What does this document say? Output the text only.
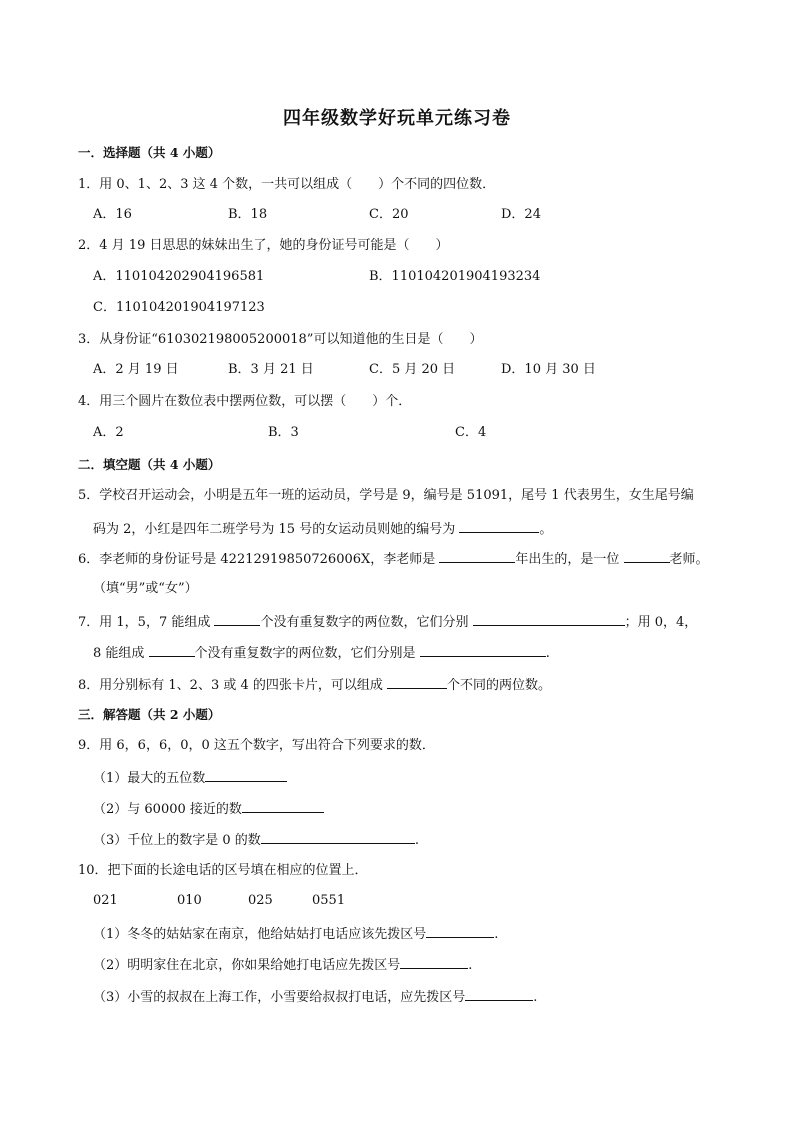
四年级数学好玩单元练习卷
一．选择题（共 4 小题）
1．用 0、1、2、3 这 4 个数，一共可以组成（　　）个不同的四位数．
A．16	B．18	C．20	D．24
2．4 月 19 日思思的妹妹出生了，她的身份证号可能是（　　）
A．110104202904196581	B．110104201904193234
C．110104201904197123
3．从身份证“610302198005200018”可以知道他的生日是（　　）
A．2 月 19 日	B．3 月 21 日	C．5 月 20 日	D．10 月 30 日
4．用三个圆片在数位表中摆两位数，可以摆（　　）个．
A．2	B．3	C．4
二．填空题（共 4 小题）
5．学校召开运动会，小明是五年一班的运动员，学号是 9，编号是 51091，尾号 1 代表男生，女生尾号编
码为 2，小红是四年二班学号为 15 号的女运动员则她的编号为	。
6．李老师的身份证号是 42212919850726006X，李老师是	年出生的，是一位	老师。
（填“男”或“女”）
7．用 1，5，7 能组成	个没有重复数字的两位数，它们分别	；用 0，4，
8 能组成	个没有重复数字的两位数，它们分别是	.
8．用分别标有 1、2、3 或 4 的四张卡片，可以组成	个不同的两位数。
三．解答题（共 2 小题）
9．用 6，6，6，0，0 这五个数字，写出符合下列要求的数．
（1）最大的五位数
（2）与 60000 接近的数
（3）千位上的数字是 0 的数	.
10．把下面的长途电话的区号填在相应的位置上．
021	010	025	0551
（1）冬冬的姑姑家在南京，他给姑姑打电话应该先拨区号	.
（2）明明家住在北京，你如果给她打电话应先拨区号	.
（3）小雪的叔叔在上海工作，小雪要给叔叔打电话，应先拨区号	.
